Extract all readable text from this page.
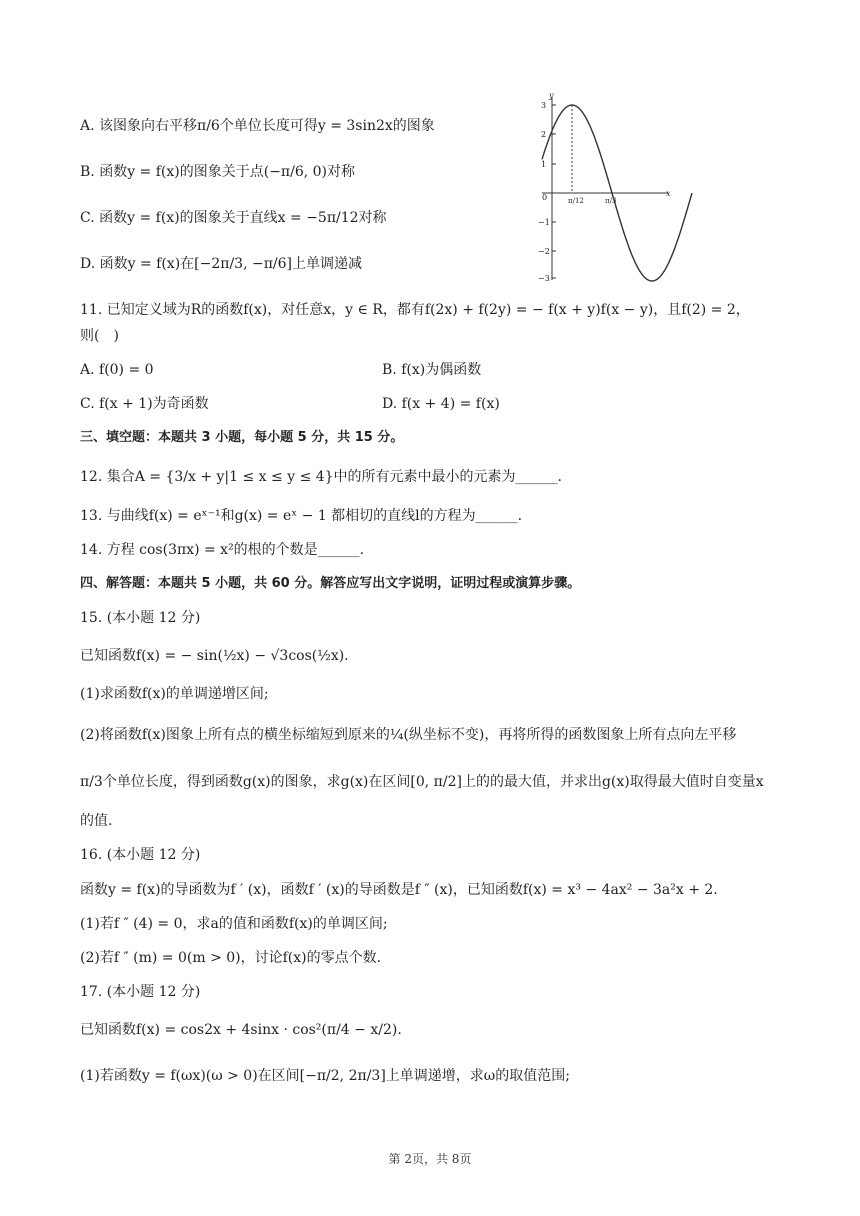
A. 该图象向右平移π/6个单位长度可得y = 3sin2x的图象
B. 函数y = f(x)的图象关于点(−π/6, 0)对称
C. 函数y = f(x)的图象关于直线x = −5π/12对称
D. 函数y = f(x)在[−2π/3, −π/6]上单调递减
3
2
1
0
−1
−2
−3
y
x
π/12	π/3
11. 已知定义域为R的函数f(x)，对任意x，y ∈ R，都有f(2x) + f(2y) = − f(x + y)f(x − y)，且f(2) = 2，
则(　)
A. f(0) = 0	B. f(x)为偶函数
C. f(x + 1)为奇函数	D. f(x + 4) = f(x)
三、填空题：本题共 3 小题，每小题 5 分，共 15 分。
12. 集合A = {3/x + y|1 ≤ x ≤ y ≤ 4}中的所有元素中最小的元素为______.
13. 与曲线f(x) = eˣ⁻¹和g(x) = eˣ − 1 都相切的直线l的方程为______.
14. 方程 cos(3πx) = x²的根的个数是______.
四、解答题：本题共 5 小题，共 60 分。解答应写出文字说明，证明过程或演算步骤。
15. (本小题 12 分)
已知函数f(x) = − sin(½x) − √3cos(½x).
(1)求函数f(x)的单调递增区间;
(2)将函数f(x)图象上所有点的横坐标缩短到原来的¼(纵坐标不变)，再将所得的函数图象上所有点向左平移
π/3个单位长度，得到函数g(x)的图象，求g(x)在区间[0, π/2]上的的最大值，并求出g(x)取得最大值时自变量x
的值.
16. (本小题 12 分)
函数y = f(x)的导函数为f ′ (x)，函数f ′ (x)的导函数是f ″ (x)，已知函数f(x) = x³ − 4ax² − 3a²x + 2.
(1)若f ″ (4) = 0，求a的值和函数f(x)的单调区间;
(2)若f ″ (m) = 0(m > 0)，讨论f(x)的零点个数.
17. (本小题 12 分)
已知函数f(x) = cos2x + 4sinx · cos²(π/4 − x/2).
(1)若函数y = f(ωx)(ω > 0)在区间[−π/2, 2π/3]上单调递增，求ω的取值范围;
第 2页，共 8页
